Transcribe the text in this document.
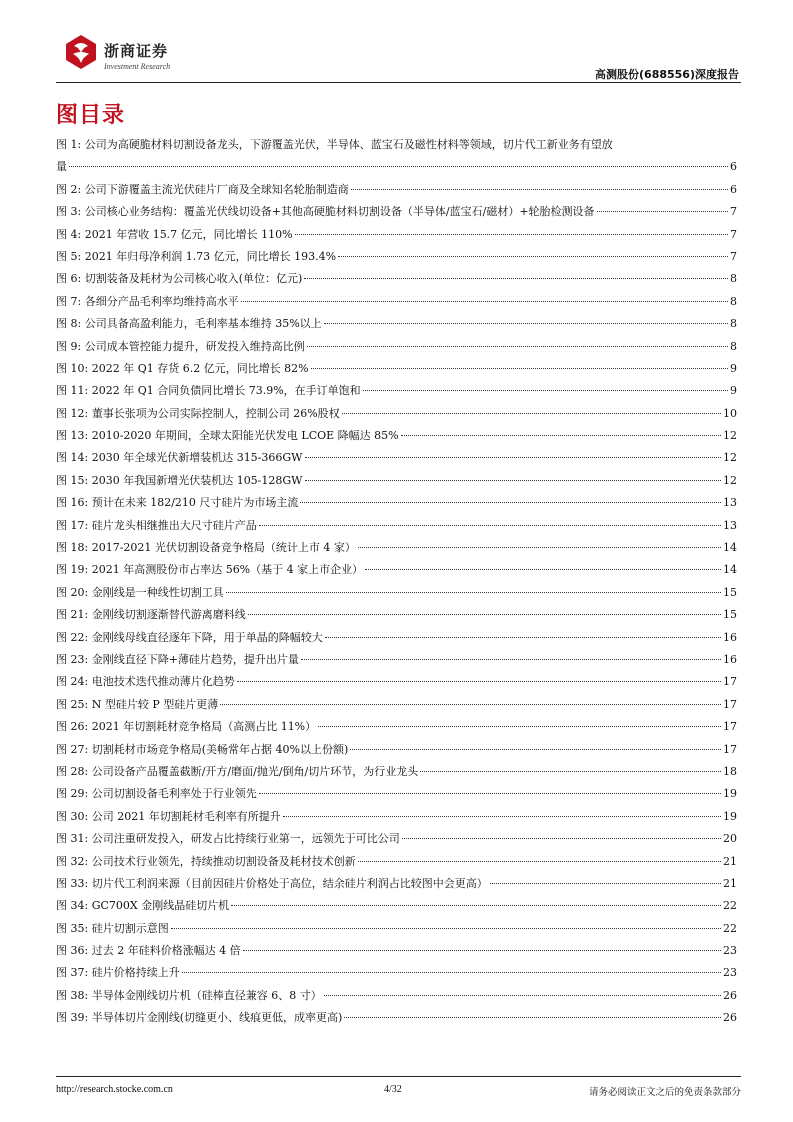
浙商证券
Investment Research
高测股份(688556)深度报告
图目录
图 1: 公司为高硬脆材料切割设备龙头，下游覆盖光伏，半导体、蓝宝石及磁性材料等领域，切片代工新业务有望放
量	6
图 2:
公司下游覆盖主流光伏硅片厂商及全球知名轮胎制造商	6
图 3:
公司核心业务结构：覆盖光伏线切设备+其他高硬脆材料切割设备（半导体/蓝宝石/磁材）+轮胎检测设备	7
图 4:
2021 年营收 15.7 亿元，同比增长 110%	7
图 5:
2021 年归母净利润 1.73 亿元，同比增长 193.4%	7
图 6:
切割装备及耗材为公司核心收入(单位：亿元)	8
图 7:
各细分产品毛利率均维持高水平	8
图 8:
公司具备高盈利能力，毛利率基本维持 35%以上	8
图 9:
公司成本管控能力提升，研发投入维持高比例	8
图 10:
2022 年 Q1 存货 6.2 亿元，同比增长 82%	9
图 11:
2022 年 Q1 合同负债同比增长 73.9%，在手订单饱和	9
图 12:
董事长张项为公司实际控制人，控制公司 26%股权	10
图 13:
2010-2020 年期间，全球太阳能光伏发电 LCOE 降幅达 85%	12
图 14:
2030 年全球光伏新增装机达 315-366GW	12
图 15:
2030 年我国新增光伏装机达 105-128GW	12
图 16:
预计在未来 182/210 尺寸硅片为市场主流	13
图 17:
硅片龙头相继推出大尺寸硅片产品	13
图 18:
2017-2021 光伏切割设备竞争格局（统计上市 4 家）	14
图 19:
2021 年高测股份市占率达 56%（基于 4 家上市企业）	14
图 20:
金刚线是一种线性切割工具	15
图 21:
金刚线切割逐渐替代游离磨料线	15
图 22:
金刚线母线直径逐年下降，用于单晶的降幅较大	16
图 23:
金刚线直径下降+薄硅片趋势，提升出片量	16
图 24:
电池技术迭代推动薄片化趋势	17
图 25:
N 型硅片较 P 型硅片更薄	17
图 26:
2021 年切割耗材竞争格局（高测占比 11%）	17
图 27:
切割耗材市场竞争格局(美畅常年占据 40%以上份额)	17
图 28:
公司设备产品覆盖截断/开方/磨面/抛光/倒角/切片环节，为行业龙头	18
图 29:
公司切割设备毛利率处于行业领先	19
图 30:
公司 2021 年切割耗材毛利率有所提升	19
图 31:
公司注重研发投入，研发占比持续行业第一，远领先于可比公司	20
图 32:
公司技术行业领先，持续推动切割设备及耗材技术创新	21
图 33:
切片代工利润来源（目前因硅片价格处于高位，结余硅片利润占比较图中会更高）	21
图 34:
GC700X 金刚线晶硅切片机	22
图 35:
硅片切割示意图	22
图 36:
过去 2 年硅料价格涨幅达 4 倍	23
图 37:
硅片价格持续上升	23
图 38:
半导体金刚线切片机（硅棒直径兼容 6、8 寸）	26
图 39:
半导体切片金刚线(切缝更小、线痕更低，成率更高)	26
http://research.stocke.com.cn	4/32	请务必阅读正文之后的免责条款部分
